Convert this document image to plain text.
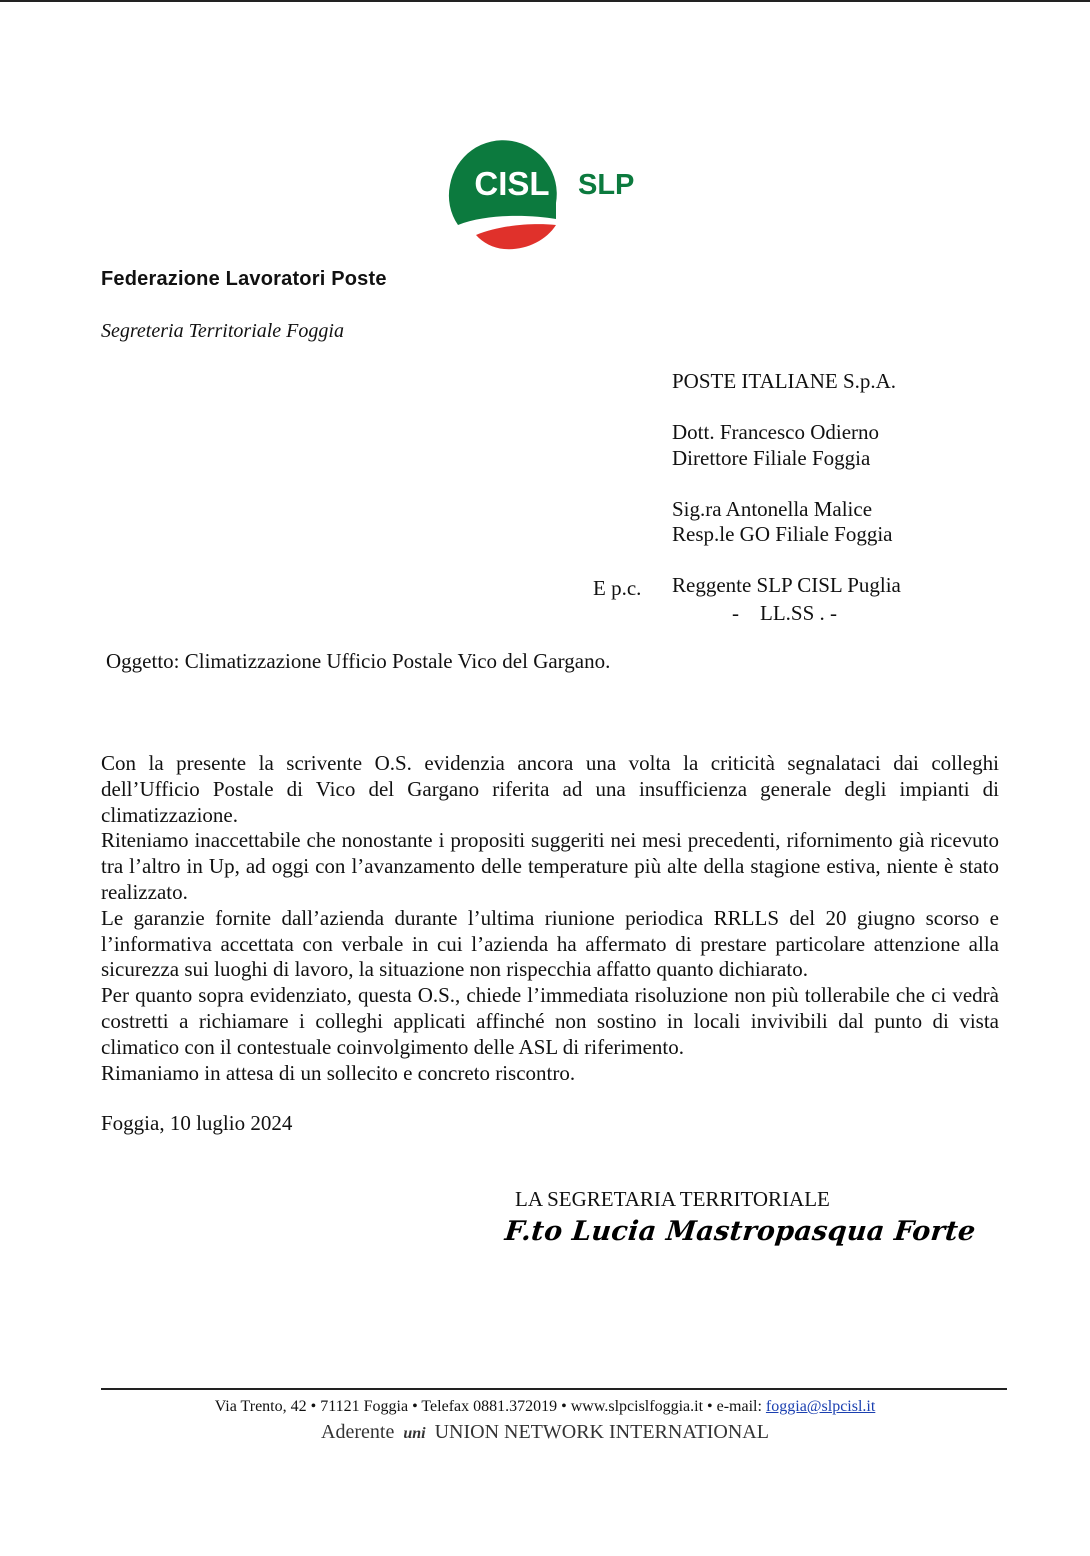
CISL SLP
Federazione Lavoratori Poste
Segreteria Territoriale Foggia
POSTE ITALIANE S.p.A.
Dott. Francesco Odierno
Direttore Filiale Foggia
Sig.ra Antonella Malice
Resp.le GO Filiale Foggia
Reggente SLP CISL Puglia
E p.c.
-    LL.SS . -
Oggetto: Climatizzazione Ufficio Postale Vico del Gargano.

Con la presente la scrivente O.S. evidenzia ancora una volta la criticità segnalataci dai colleghi dell’Ufficio Postale di Vico del Gargano riferita ad una insufficienza generale degli impianti di climatizzazione.

Riteniamo inaccettabile che nonostante i propositi suggeriti nei mesi precedenti, rifornimento già ricevuto tra l’altro in Up, ad oggi con l’avanzamento delle temperature più alte della stagione estiva, niente è stato realizzato.

Le garanzie fornite dall’azienda durante l’ultima riunione periodica RRLLS del 20 giugno scorso e l’informativa accettata con verbale in cui l’azienda ha affermato di prestare particolare attenzione alla sicurezza sui luoghi di lavoro, la situazione non rispecchia affatto quanto dichiarato.

Per quanto sopra evidenziato, questa O.S., chiede l’immediata risoluzione non più tollerabile che ci vedrà costretti a richiamare i colleghi applicati affinché non sostino in locali invivibili dal punto di vista climatico con il contestuale coinvolgimento delle ASL di riferimento.

Rimaniamo in attesa di un sollecito e concreto riscontro.

Foggia, 10 luglio 2024
LA SEGRETARIA TERRITORIALE
F.to Lucia Mastropasqua Forte
Via Trento, 42 • 71121 Foggia • Telefax 0881.372019 • www.slpcislfoggia.it • e-mail: foggia@slpcisl.it
Aderente uni UNION NETWORK INTERNATIONAL
